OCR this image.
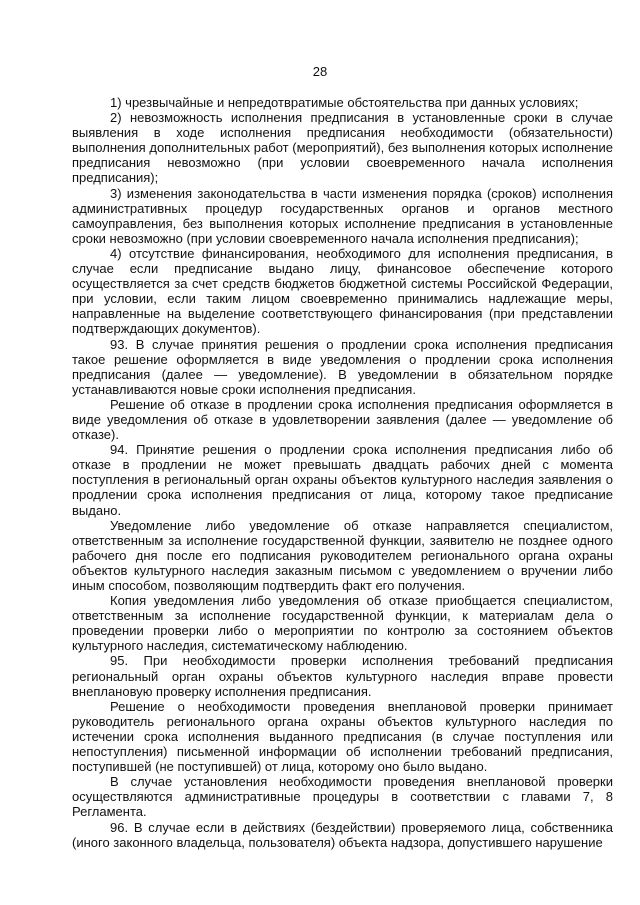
28

1) чрезвычайные и непредотвратимые обстоятельства при данных условиях;

2) невозможность исполнения предписания в установленные сроки в случае выявления в ходе исполнения предписания необходимости (обязательности) выполнения дополнительных работ (мероприятий), без выполнения которых исполнение предписания невозможно (при условии своевременного начала исполнения предписания);

3) изменения законодательства в части изменения порядка (сроков) исполнения административных процедур государственных органов и органов местного самоуправления, без выполнения которых исполнение предписания в установленные сроки невозможно (при условии своевременного начала исполнения предписания);

4) отсутствие финансирования, необходимого для исполнения предписания, в случае если предписание выдано лицу, финансовое обеспечение которого осуществляется за счет средств бюджетов бюджетной системы Российской Федерации, при условии, если таким лицом своевременно принимались надлежащие меры, направленные на выделение соответствующего финансирования (при представлении подтверждающих документов).

93. В случае принятия решения о продлении срока исполнения предписания такое решение оформляется в виде уведомления о продлении срока исполнения предписания (далее — уведомление). В уведомлении в обязательном порядке устанавливаются новые сроки исполнения предписания.

Решение об отказе в продлении срока исполнения предписания оформляется в виде уведомления об отказе в удовлетворении заявления (далее — уведомление об отказе).

94. Принятие решения о продлении срока исполнения предписания либо об отказе в продлении не может превышать двадцать рабочих дней с момента поступления в региональный орган охраны объектов культурного наследия заявления о продлении срока исполнения предписания от лица, которому такое предписание выдано.

Уведомление либо уведомление об отказе направляется специалистом, ответственным за исполнение государственной функции, заявителю не позднее одного рабочего дня после его подписания руководителем регионального органа охраны объектов культурного наследия заказным письмом с уведомлением о вручении либо иным способом, позволяющим подтвердить факт его получения.

Копия уведомления либо уведомления об отказе приобщается специалистом, ответственным за исполнение государственной функции, к материалам дела о проведении проверки либо о мероприятии по контролю за состоянием объектов культурного наследия, систематическому наблюдению.

95. При необходимости проверки исполнения требований предписания региональный орган охраны объектов культурного наследия вправе провести внеплановую проверку исполнения предписания.

Решение о необходимости проведения внеплановой проверки принимает руководитель регионального органа охраны объектов культурного наследия по истечении срока исполнения выданного предписания (в случае поступления или непоступления) письменной информации об исполнении требований предписания, поступившей (не поступившей) от лица, которому оно было выдано.

В случае установления необходимости проведения внеплановой проверки осуществляются административные процедуры в соответствии с главами 7, 8 Регламента.

96. В случае если в действиях (бездействии) проверяемого лица, собственника (иного законного владельца, пользователя) объекта надзора, допустившего нарушение
